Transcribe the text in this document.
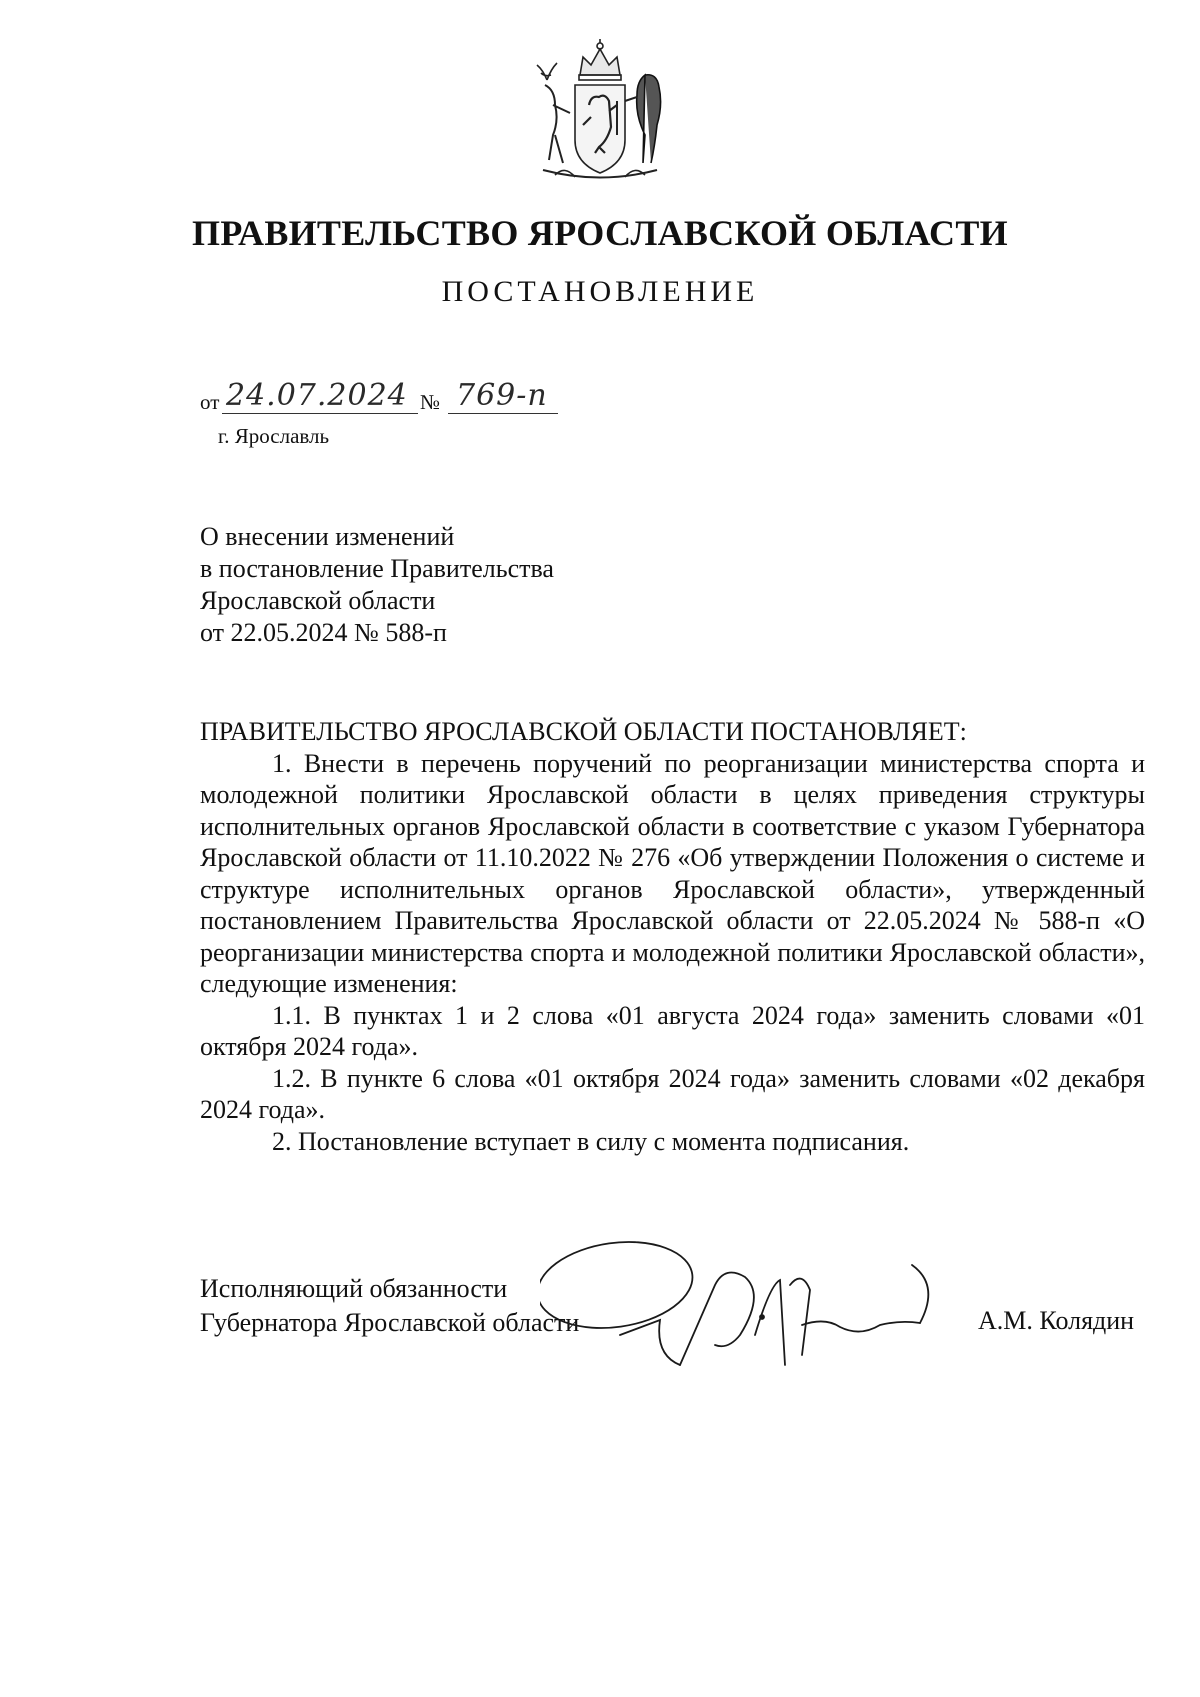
ПРАВИТЕЛЬСТВО ЯРОСЛАВСКОЙ ОБЛАСТИ
ПОСТАНОВЛЕНИЕ
от 24.07.2024 № 769-п
г. Ярославль
О внесении изменений
в постановление Правительства
Ярославской области
от 22.05.2024 № 588-п
ПРАВИТЕЛЬСТВО ЯРОСЛАВСКОЙ ОБЛАСТИ ПОСТАНОВЛЯЕТ:
1. Внести в перечень поручений по реорганизации министерства спорта и молодежной политики Ярославской области в целях приведения структуры исполнительных органов Ярославской области в соответствие с указом Губернатора Ярославской области от 11.10.2022 № 276 «Об утверждении Положения о системе и структуре исполнительных органов Ярославской области», утвержденный постановлением Правительства Ярославской области от 22.05.2024 № 588-п «О реорганизации министерства спорта и молодежной политики Ярославской области», следующие изменения:
1.1. В пунктах 1 и 2 слова «01 августа 2024 года» заменить словами «01 октября 2024 года».
1.2. В пункте 6 слова «01 октября 2024 года» заменить словами «02 декабря 2024 года».
2. Постановление вступает в силу с момента подписания.
Исполняющий обязанности
Губернатора Ярославской области	А.М. Колядин
